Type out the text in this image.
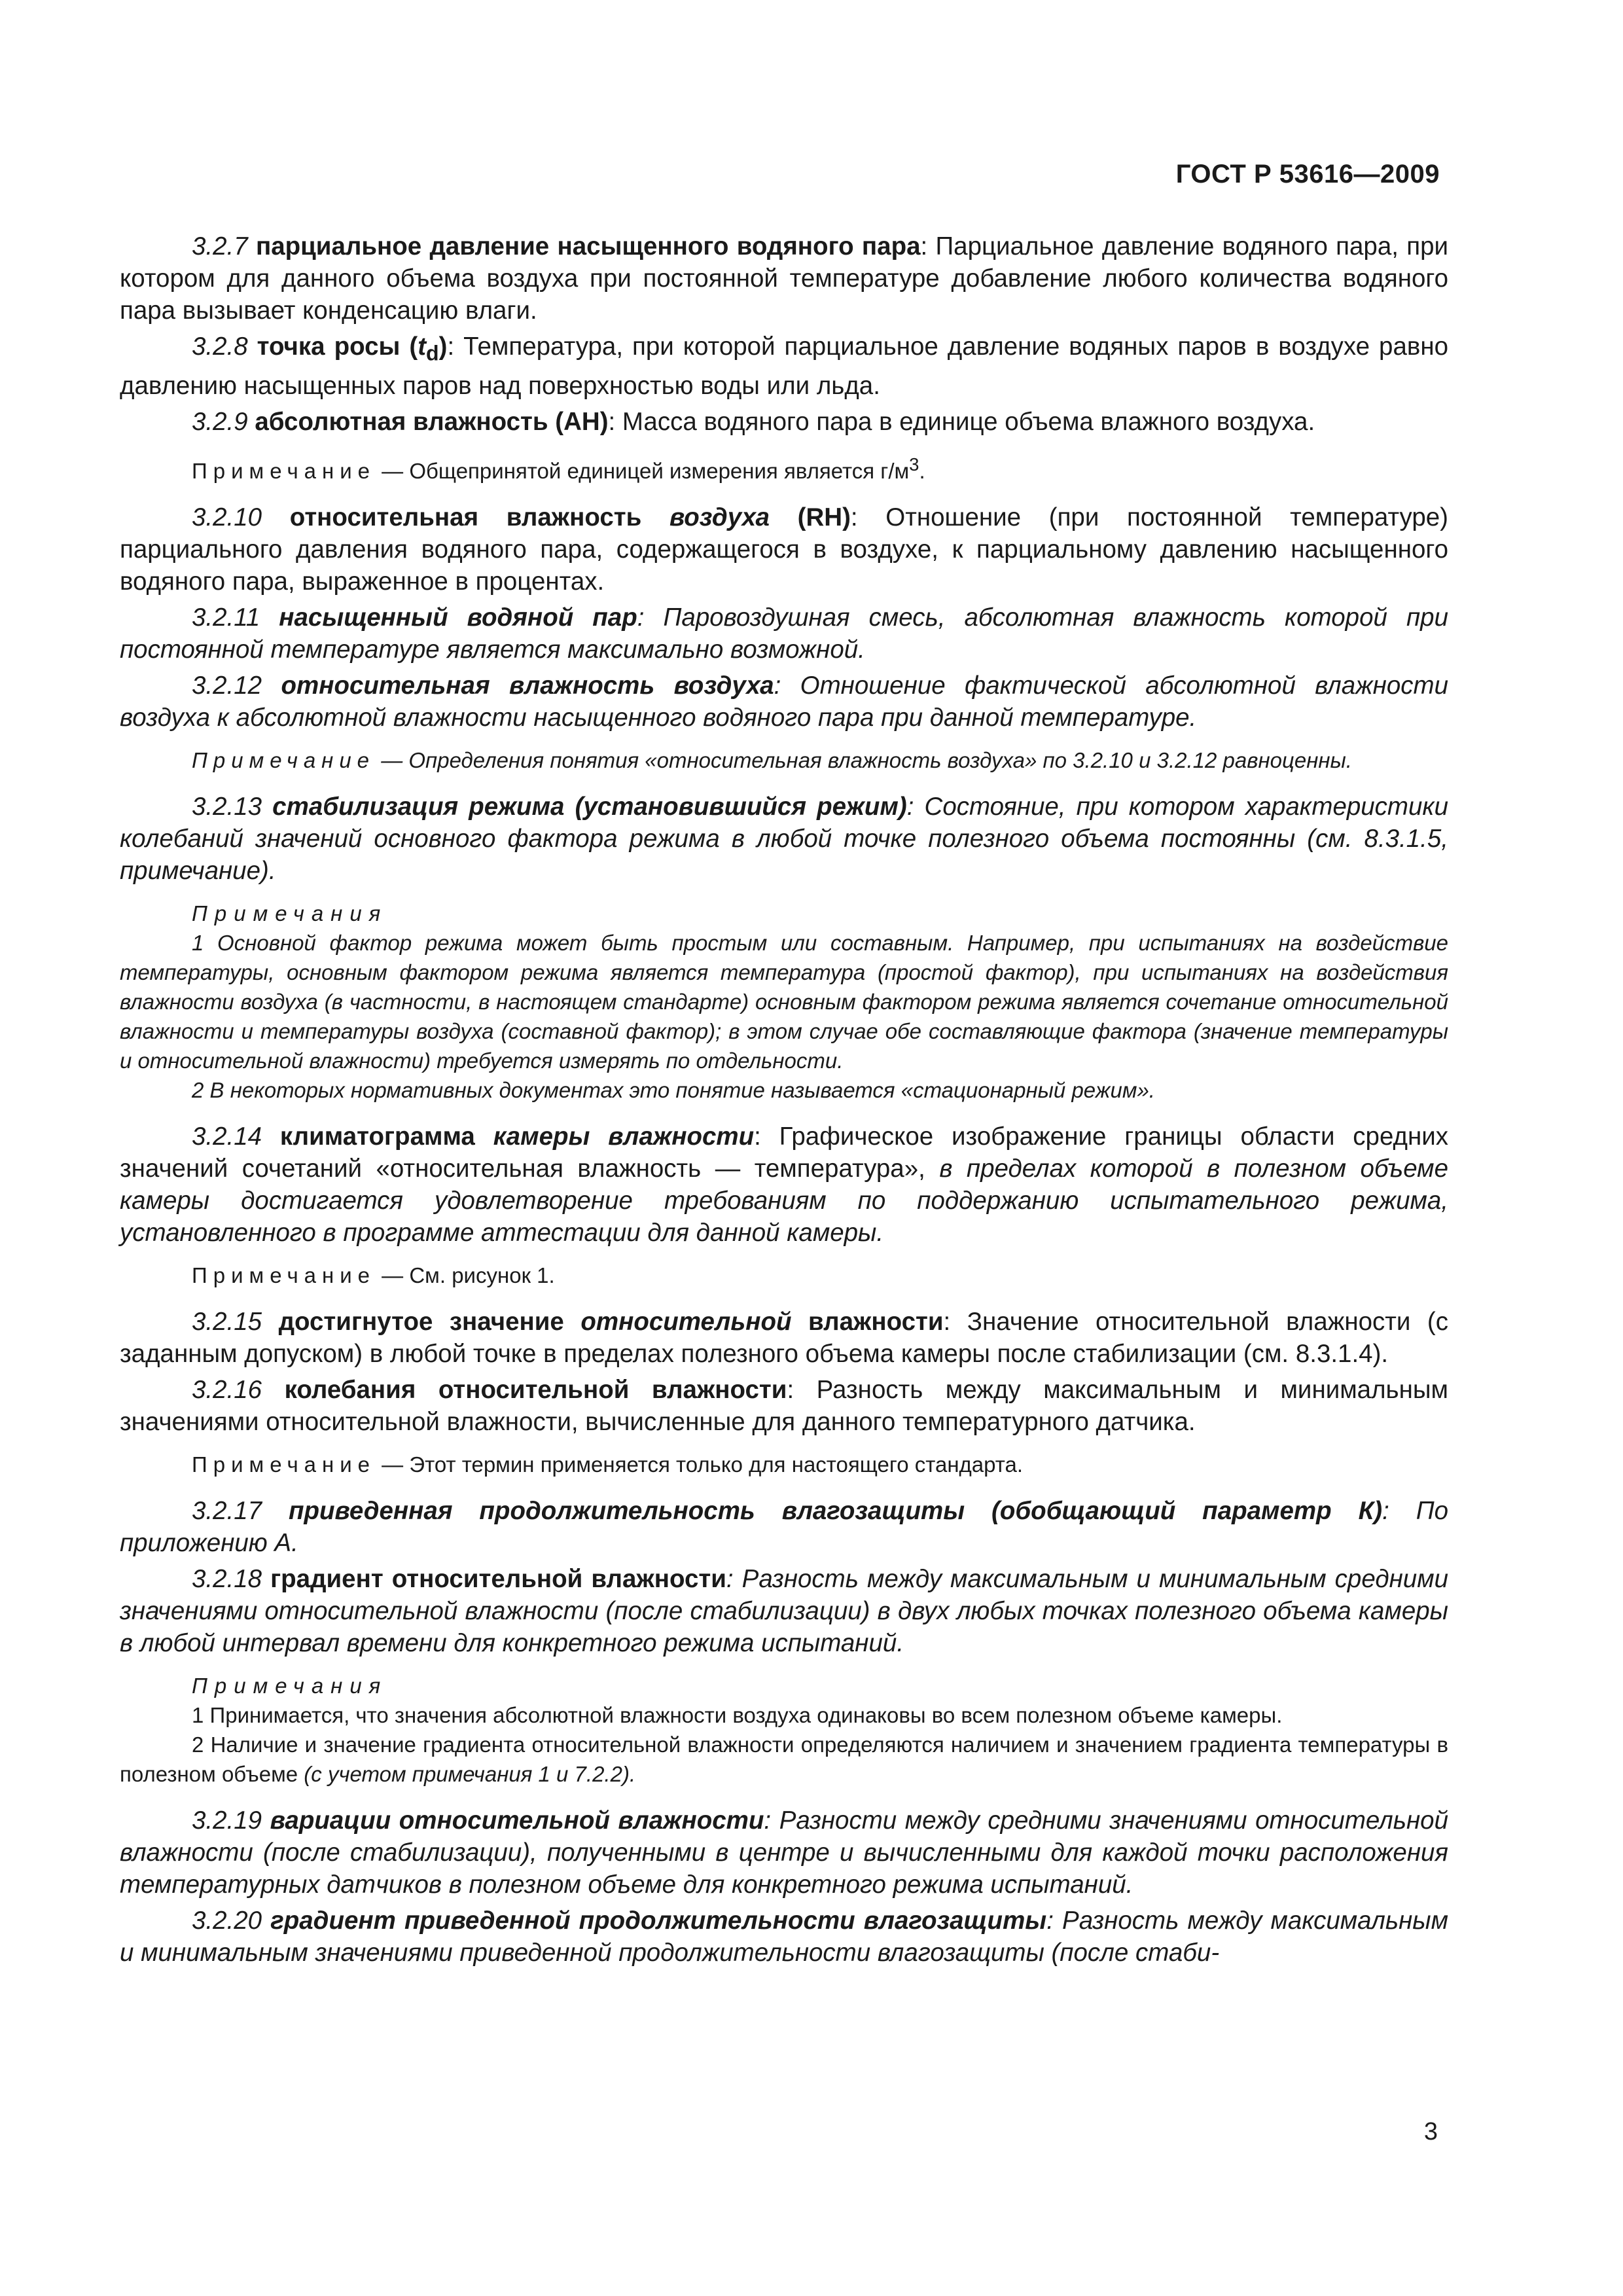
ГОСТ Р 53616—2009

3.2.7 парциальное давление насыщенного водяного пара: Парциальное давление водяного пара, при котором для данного объема воздуха при постоянной температуре добавление любого количества водяного пара вызывает конденсацию влаги.

3.2.8 точка росы $(t_d)$: Температура, при которой парциальное давление водяных паров в воздухе равно давлению насыщенных паров над поверхностью воды или льда.

3.2.9 абсолютная влажность (АН): Масса водяного пара в единице объема влажного воздуха.

Примечание — Общепринятой единицей измерения является $г/м^3$.

3.2.10 относительная влажность воздуха (RH): Отношение (при постоянной температуре) парциального давления водяного пара, содержащегося в воздухе, к парциальному давлению насыщенного водяного пара, выраженное в процентах.

3.2.11 насыщенный водяной пар: Паровоздушная смесь, абсолютная влажность которой при постоянной температуре является максимально возможной.

3.2.12 относительная влажность воздуха: Отношение фактической абсолютной влажности воздуха к абсолютной влажности насыщенного водяного пара при данной температуре.

Примечание — Определения понятия «относительная влажность воздуха» по 3.2.10 и 3.2.12 равноценны.

3.2.13 стабилизация режима (установившийся режим): Состояние, при котором характеристики колебаний значений основного фактора режима в любой точке полезного объема постоянны (см. 8.3.1.5, примечание).

Примечания
1 Основной фактор режима может быть простым или составным. Например, при испытаниях на воздействие температуры, основным фактором режима является температура (простой фактор), при испытаниях на воздействия влажности воздуха (в частности, в настоящем стандарте) основным фактором режима является сочетание относительной влажности и температуры воздуха (составной фактор); в этом случае обе составляющие фактора (значение температуры и относительной влажности) требуется измерять по отдельности.
2 В некоторых нормативных документах это понятие называется «стационарный режим».

3.2.14 климатограмма камеры влажности: Графическое изображение границы области средних значений сочетаний «относительная влажность — температура», в пределах которой в полезном объеме камеры достигается удовлетворение требованиям по поддержанию испытательного режима, установленного в программе аттестации для данной камеры.

Примечание — См. рисунок 1.

3.2.15 достигнутое значение относительной влажности: Значение относительной влажности (с заданным допуском) в любой точке в пределах полезного объема камеры после стабилизации (см. 8.3.1.4).

3.2.16 колебания относительной влажности: Разность между максимальным и минимальным значениями относительной влажности, вычисленные для данного температурного датчика.

Примечание — Этот термин применяется только для настоящего стандарта.

3.2.17 приведенная продолжительность влагозащиты (обобщающий параметр К): По приложению А.

3.2.18 градиент относительной влажности: Разность между максимальным и минимальным средними значениями относительной влажности (после стабилизации) в двух любых точках полезного объема камеры в любой интервал времени для конкретного режима испытаний.

Примечания
1 Принимается, что значения абсолютной влажности воздуха одинаковы во всем полезном объеме камеры.
2 Наличие и значение градиента относительной влажности определяются наличием и значением градиента температуры в полезном объеме (с учетом примечания 1 и 7.2.2).

3.2.19 вариации относительной влажности: Разности между средними значениями относительной влажности (после стабилизации), полученными в центре и вычисленными для каждой точки расположения температурных датчиков в полезном объеме для конкретного режима испытаний.

3.2.20 градиент приведенной продолжительности влагозащиты: Разность между максимальным и минимальным значениями приведенной продолжительности влагозащиты (после стаби-

3
